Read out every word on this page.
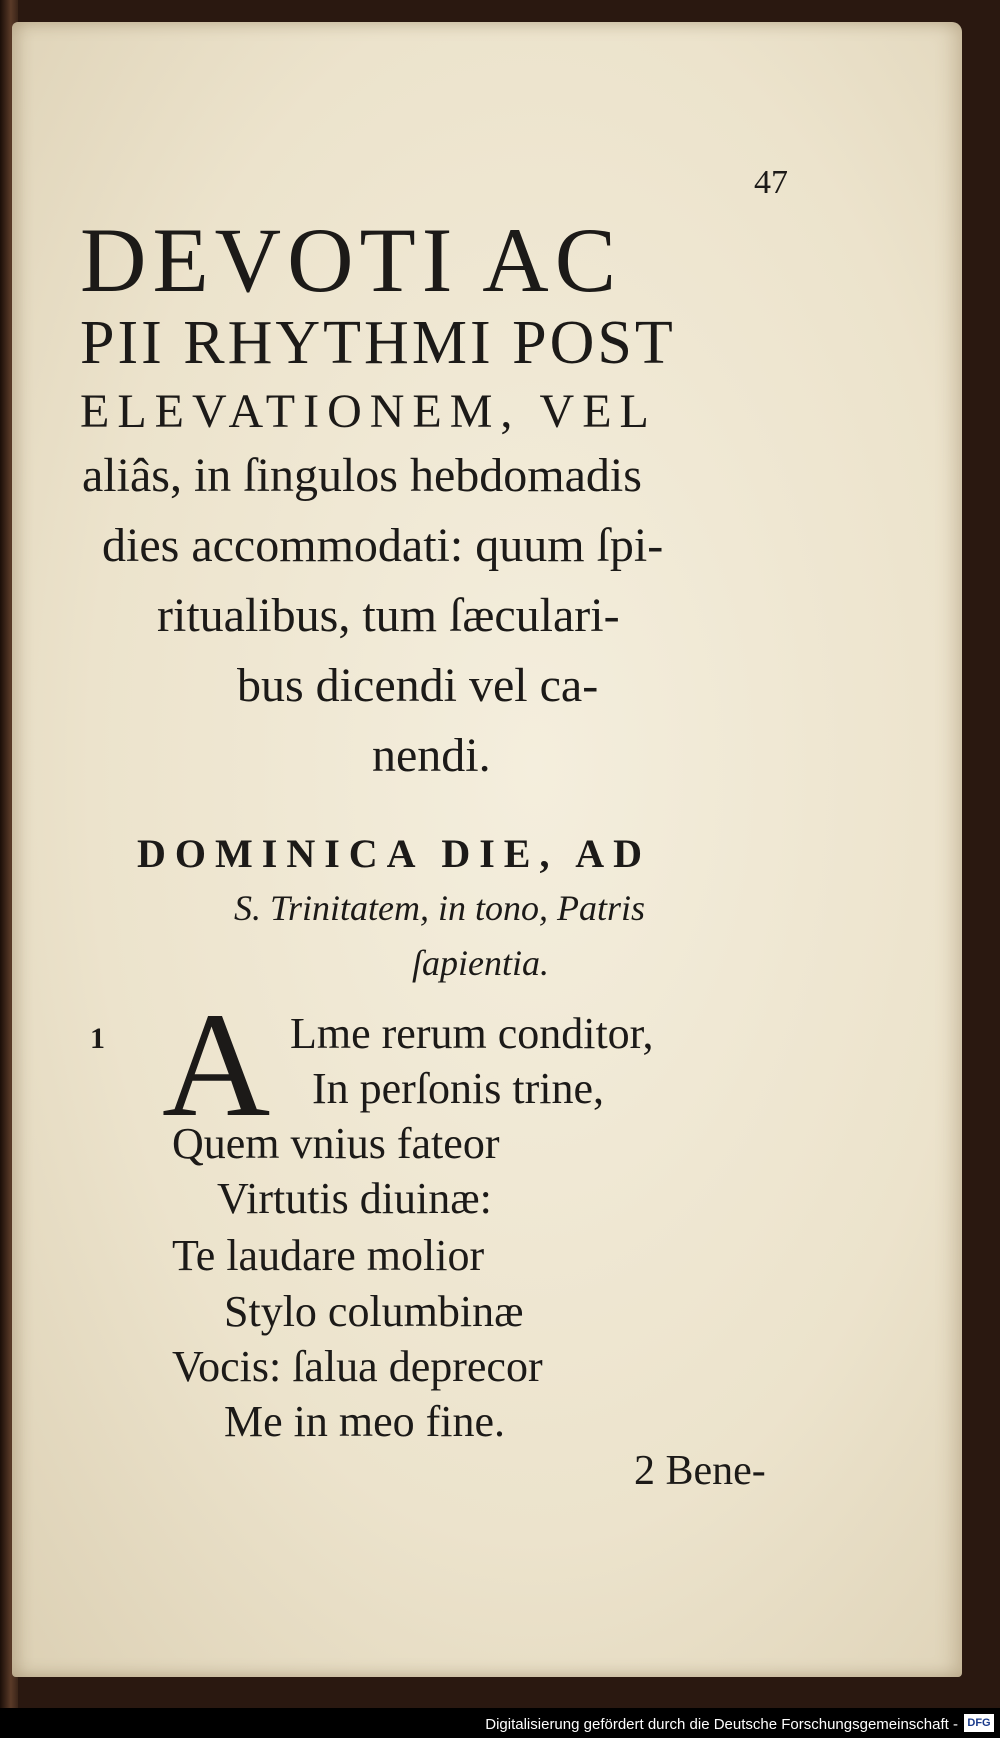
47
DEVOTI AC
PII RHYTHMI POST
ELEVATIONEM, VEL
aliâs, in ſingulos hebdomadis
dies accommodati: quum ſpi-
ritualibus, tum ſæculari-
bus dicendi vel ca-
nendi.
DOMINICA DIE, AD
S. Trinitatem, in tono, Patris
ſapientia.
1 A Lme rerum conditor,
In perſonis trine,
Quem vnius fateor
Virtutis diuinæ:
Te laudare molior
Stylo columbinæ
Vocis: ſalua deprecor
Me in meo fine.
2 Bene-
Digitalisierung gefördert durch die Deutsche Forschungsgemeinschaft - DFG
